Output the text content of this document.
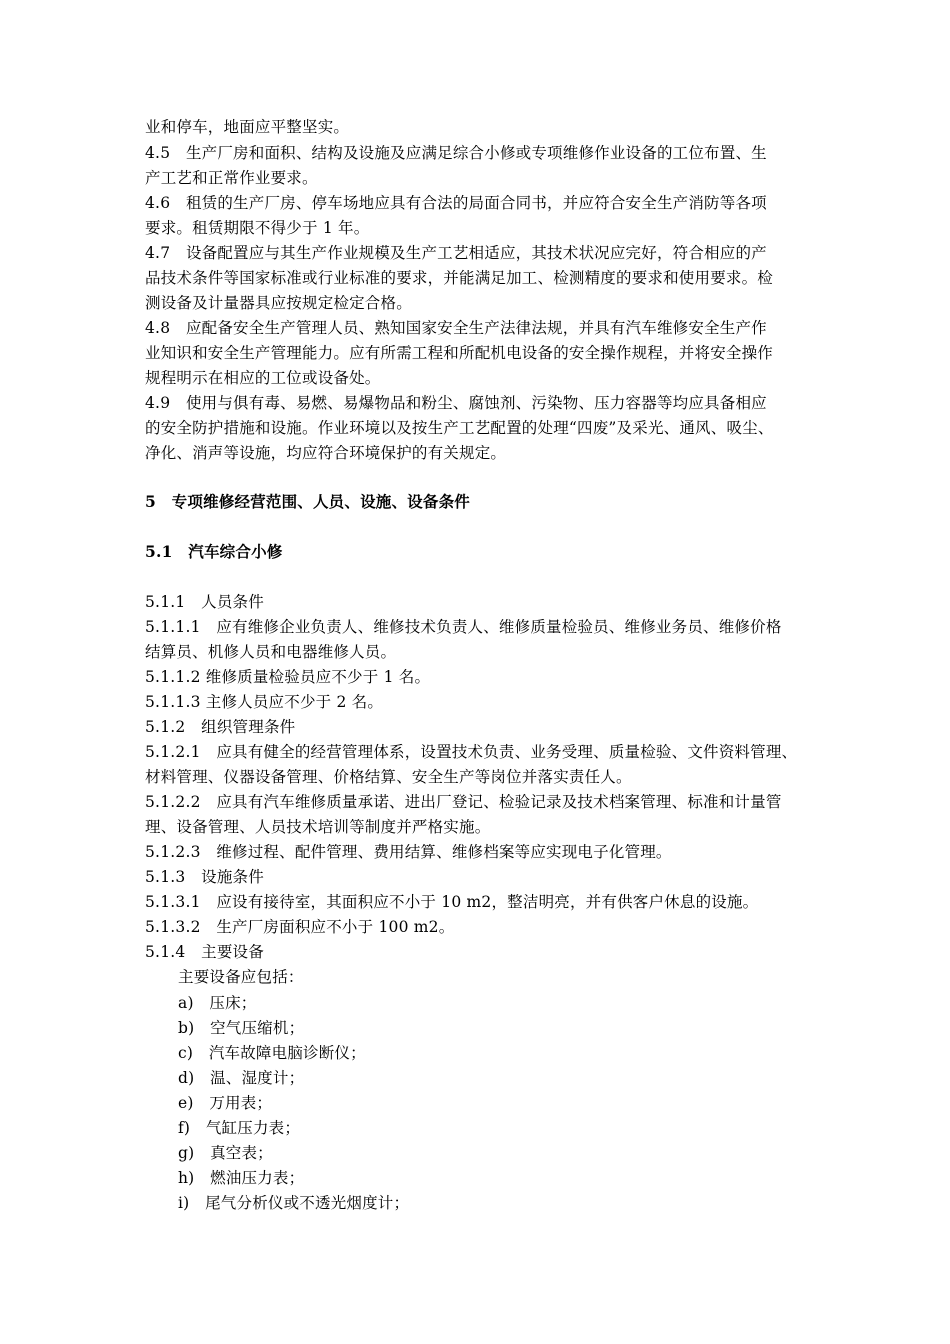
业和停车，地面应平整坚实。
4.5　生产厂房和面积、结构及设施及应满足综合小修或专项维修作业设备的工位布置、生
产工艺和正常作业要求。
4.6　租赁的生产厂房、停车场地应具有合法的局面合同书，并应符合安全生产消防等各项
要求。租赁期限不得少于 1 年。
4.7　设备配置应与其生产作业规模及生产工艺相适应，其技术状况应完好，符合相应的产
品技术条件等国家标准或行业标准的要求，并能满足加工、检测精度的要求和使用要求。检
测设备及计量器具应按规定检定合格。
4.8　应配备安全生产管理人员、熟知国家安全生产法律法规，并具有汽车维修安全生产作
业知识和安全生产管理能力。应有所需工程和所配机电设备的安全操作规程，并将安全操作
规程明示在相应的工位或设备处。
4.9　使用与俱有毒、易燃、易爆物品和粉尘、腐蚀剂、污染物、压力容器等均应具备相应
的安全防护措施和设施。作业环境以及按生产工艺配置的处理“四废”及采光、通风、吸尘、
净化、消声等设施，均应符合环境保护的有关规定。
5　专项维修经营范围、人员、设施、设备条件
5.1　汽车综合小修
5.1.1　人员条件
5.1.1.1　应有维修企业负责人、维修技术负责人、维修质量检验员、维修业务员、维修价格
结算员、机修人员和电器维修人员。
5.1.1.2 维修质量检验员应不少于 1 名。
5.1.1.3 主修人员应不少于 2 名。
5.1.2　组织管理条件
5.1.2.1　应具有健全的经营管理体系，设置技术负责、业务受理、质量检验、文件资料管理、
材料管理、仪器设备管理、价格结算、安全生产等岗位并落实责任人。
5.1.2.2　应具有汽车维修质量承诺、进出厂登记、检验记录及技术档案管理、标准和计量管
理、设备管理、人员技术培训等制度并严格实施。
5.1.2.3　维修过程、配件管理、费用结算、维修档案等应实现电子化管理。
5.1.3　设施条件
5.1.3.1　应设有接待室，其面积应不小于 10 m2，整洁明亮，并有供客户休息的设施。
5.1.3.2　生产厂房面积应不小于 100 m2。
5.1.4　主要设备
主要设备应包括：
a)　压床；
b)　空气压缩机；
c)　汽车故障电脑诊断仪；
d)　温、湿度计；
e)　万用表；
f)　气缸压力表；
g)　真空表；
h)　燃油压力表；
i)　尾气分析仪或不透光烟度计；
